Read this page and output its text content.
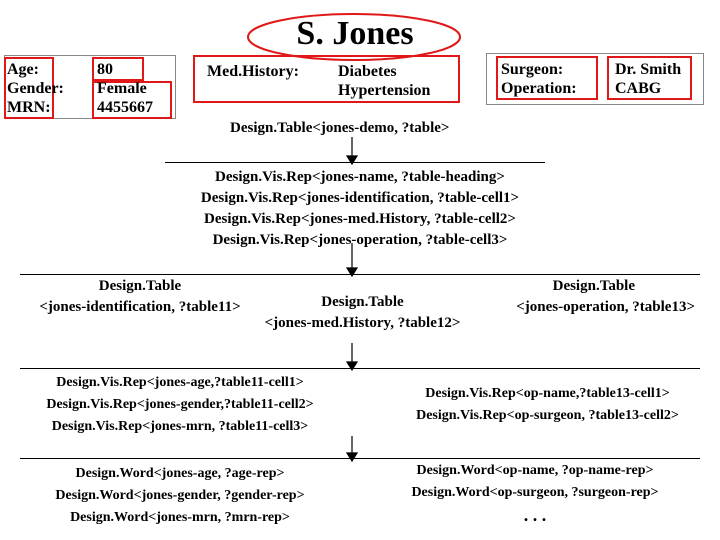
S. Jones
Age:
Gender:
MRN:
80
Female
4455667
Med.History: Diabetes
Hypertension
Surgeon:
Operation:
Dr. Smith
CABG
Design.Table<jones-demo, ?table>
Design.Vis.Rep<jones-name, ?table-heading>
Design.Vis.Rep<jones-identification, ?table-cell1>
Design.Vis.Rep<jones-med.History, ?table-cell2>
Design.Vis.Rep<jones-operation, ?table-cell3>
Design.Table
<jones-identification, ?table11>	Design.Table
<jones-med.History, ?table12>
Design.Table
<jones-operation, ?table13>
Design.Vis.Rep<jones-age,?table11-cell1>
Design.Vis.Rep<jones-gender,?table11-cell2>
Design.Vis.Rep<jones-mrn, ?table11-cell3>
Design.Vis.Rep<op-name,?table13-cell1>
Design.Vis.Rep<op-surgeon, ?table13-cell2>
Design.Word<jones-age, ?age-rep>
Design.Word<jones-gender, ?gender-rep>
Design.Word<jones-mrn, ?mrn-rep>
Design.Word<op-name, ?op-name-rep>
Design.Word<op-surgeon, ?surgeon-rep>
. . .
